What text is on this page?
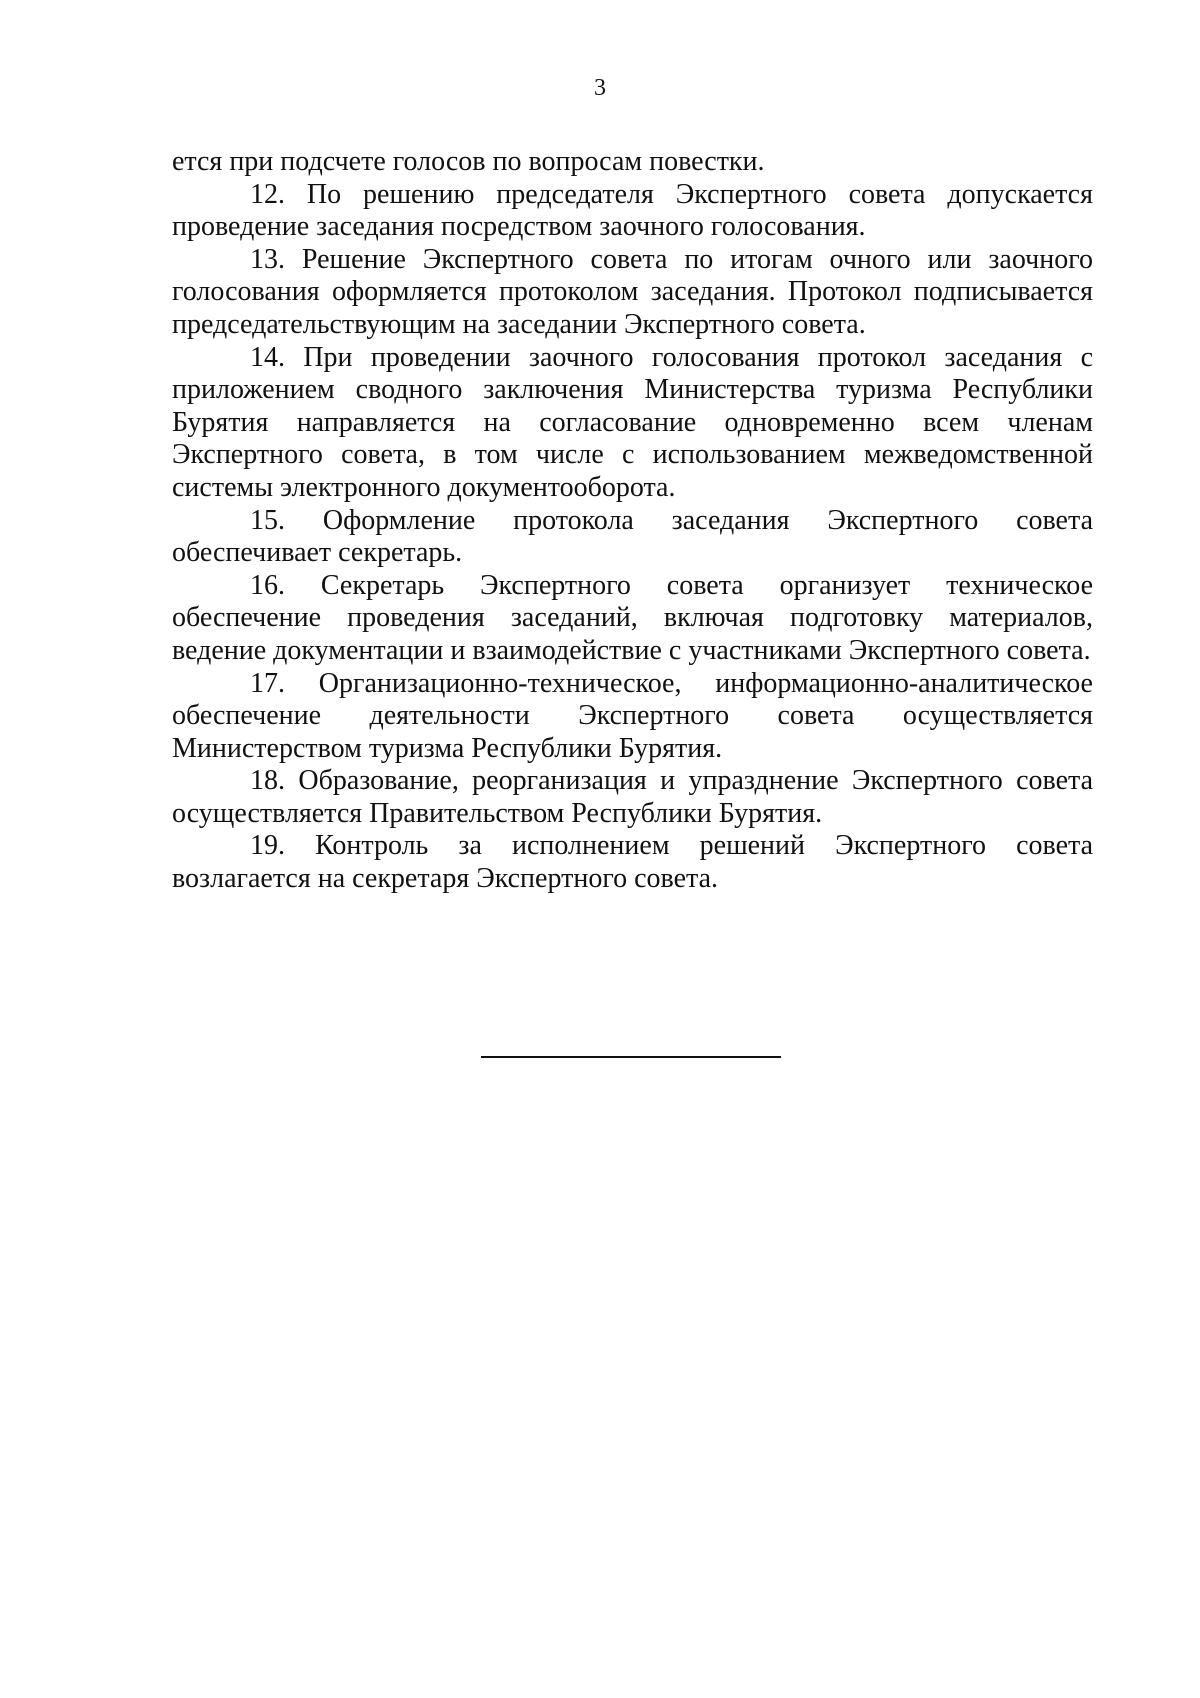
3

ется при подсчете голосов по вопросам повестки.

12. По решению председателя Экспертного совета допускается проведение заседания посредством заочного голосования.

13. Решение Экспертного совета по итогам очного или заочного голосования оформляется протоколом заседания. Протокол подписывается председательствующим на заседании Экспертного совета.

14. При проведении заочного голосования протокол заседания с приложением сводного заключения Министерства туризма Республики Бурятия направляется на согласование одновременно всем членам Экспертного совета, в том числе с использованием межведомственной системы электронного документооборота.

15. Оформление протокола заседания Экспертного совета обеспечивает секретарь.

16. Секретарь Экспертного совета организует техническое обеспечение проведения заседаний, включая подготовку материалов, ведение документации и взаимодействие с участниками Экспертного совета.

17. Организационно-техническое, информационно-аналитическое обеспечение деятельности Экспертного совета осуществляется Министерством туризма Республики Бурятия.

18. Образование, реорганизация и упразднение Экспертного совета осуществляется Правительством Республики Бурятия.

19. Контроль за исполнением решений Экспертного совета возлагается на секретаря Экспертного совета.
